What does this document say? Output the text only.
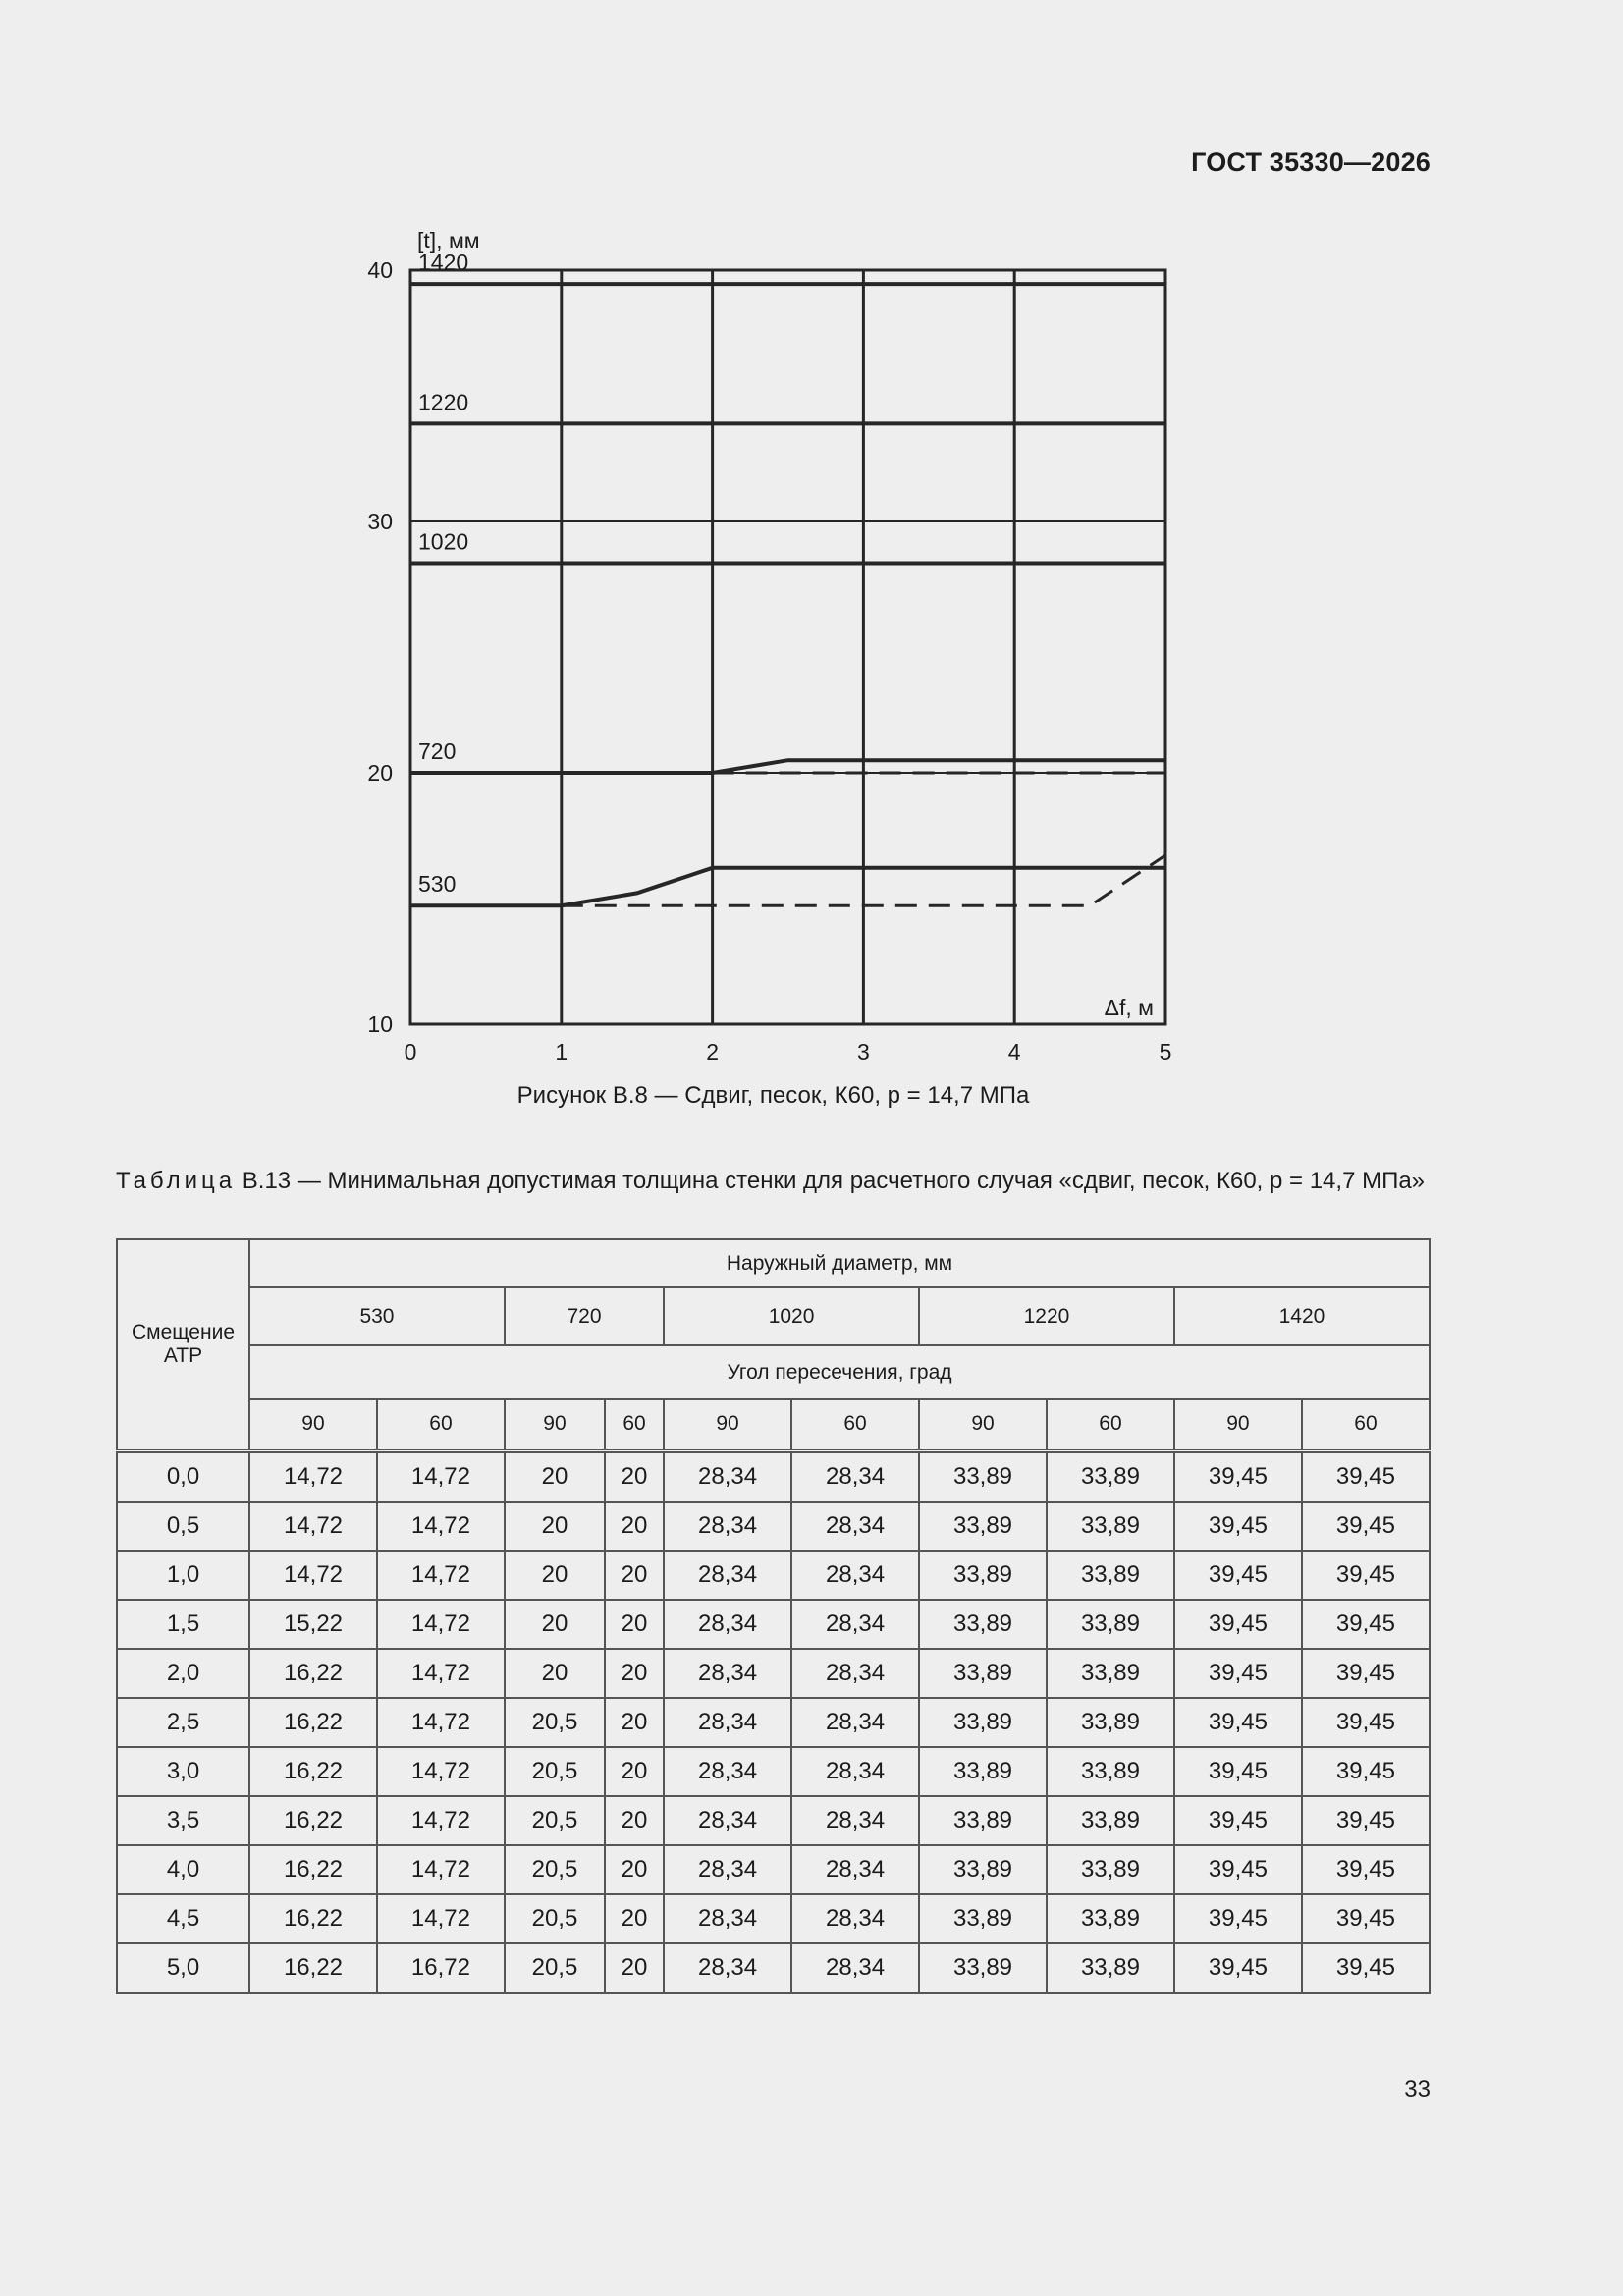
ГОСТ 35330—2026
0	1	2	3	4	5
10
20
30
40
[t], мм
Δf, м
1420
1220
1020
720
530
Рисунок В.8 — Сдвиг, песок, К60, р = 14,7 МПа
Таблица В.13 — Минимальная допустимая толщина стенки для расчетного случая «сдвиг, песок, К60, р = 14,7 МПа»
Смещение АТР	Наружный диаметр, мм									
	530		720		1020		1220		1420	
	Угол пересечения, град									
	90	60	90	60	90	60	90	60	90	60
0,0	14,72	14,72	20	20	28,34	28,34	33,89	33,89	39,45	39,45
0,5	14,72	14,72	20	20	28,34	28,34	33,89	33,89	39,45	39,45
1,0	14,72	14,72	20	20	28,34	28,34	33,89	33,89	39,45	39,45
1,5	15,22	14,72	20	20	28,34	28,34	33,89	33,89	39,45	39,45
2,0	16,22	14,72	20	20	28,34	28,34	33,89	33,89	39,45	39,45
2,5	16,22	14,72	20,5	20	28,34	28,34	33,89	33,89	39,45	39,45
3,0	16,22	14,72	20,5	20	28,34	28,34	33,89	33,89	39,45	39,45
3,5	16,22	14,72	20,5	20	28,34	28,34	33,89	33,89	39,45	39,45
4,0	16,22	14,72	20,5	20	28,34	28,34	33,89	33,89	39,45	39,45
4,5	16,22	14,72	20,5	20	28,34	28,34	33,89	33,89	39,45	39,45
5,0	16,22	16,72	20,5	20	28,34	28,34	33,89	33,89	39,45	39,45
33
